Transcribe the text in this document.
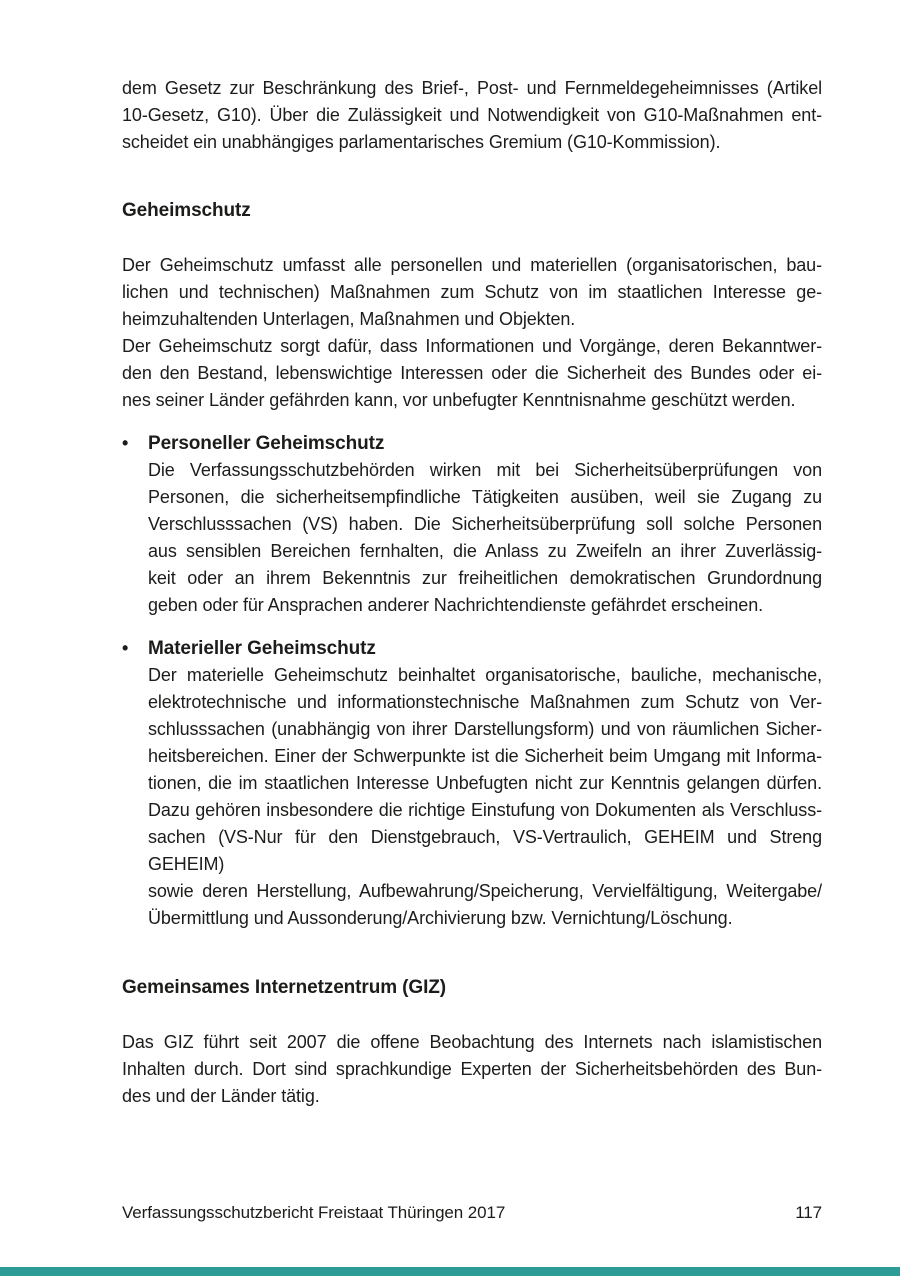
dem Gesetz zur Beschränkung des Brief-, Post- und Fernmeldegeheimnisses (Artikel
10-Gesetz, G10). Über die Zulässigkeit und Notwendigkeit von G10-Maßnahmen ent-
scheidet ein unabhängiges parlamentarisches Gremium (G10-Kommission).
Geheimschutz
Der Geheimschutz umfasst alle personellen und materiellen (organisatorischen, bau-
lichen und technischen) Maßnahmen zum Schutz von im staatlichen Interesse ge-
heimzuhaltenden Unterlagen, Maßnahmen und Objekten.
Der Geheimschutz sorgt dafür, dass Informationen und Vorgänge, deren Bekanntwer-
den den Bestand, lebenswichtige Interessen oder die Sicherheit des Bundes oder ei-
nes seiner Länder gefährden kann, vor unbefugter Kenntnisnahme geschützt werden.
•	Personeller Geheimschutz
Die Verfassungsschutzbehörden wirken mit bei Sicherheitsüberprüfungen von
Personen, die sicherheitsempfindliche Tätigkeiten ausüben, weil sie Zugang zu
Verschlusssachen (VS) haben. Die Sicherheitsüberprüfung soll solche Personen
aus sensiblen Bereichen fernhalten, die Anlass zu Zweifeln an ihrer Zuverlässig-
keit oder an ihrem Bekenntnis zur freiheitlichen demokratischen Grundordnung
geben oder für Ansprachen anderer Nachrichtendienste gefährdet erscheinen.
•	Materieller Geheimschutz
Der materielle Geheimschutz beinhaltet organisatorische, bauliche, mechanische,
elektrotechnische und informationstechnische Maßnahmen zum Schutz von Ver-
schlusssachen (unabhängig von ihrer Darstellungsform) und von räumlichen Sicher-
heitsbereichen. Einer der Schwerpunkte ist die Sicherheit beim Umgang mit Informa-
tionen, die im staatlichen Interesse Unbefugten nicht zur Kenntnis gelangen dürfen.
Dazu gehören insbesondere die richtige Einstufung von Dokumenten als Verschluss-
sachen (VS-Nur für den Dienstgebrauch, VS-Vertraulich, GEHEIM und Streng GEHEIM)
sowie deren Herstellung, Aufbewahrung/Speicherung, Vervielfältigung, Weitergabe/
Übermittlung und Aussonderung/Archivierung bzw. Vernichtung/Löschung.
Gemeinsames Internetzentrum (GIZ)
Das GIZ führt seit 2007 die offene Beobachtung des Internets nach islamistischen
Inhalten durch. Dort sind sprachkundige Experten der Sicherheitsbehörden des Bun-
des und der Länder tätig.
Verfassungsschutzbericht Freistaat Thüringen 2017	117
